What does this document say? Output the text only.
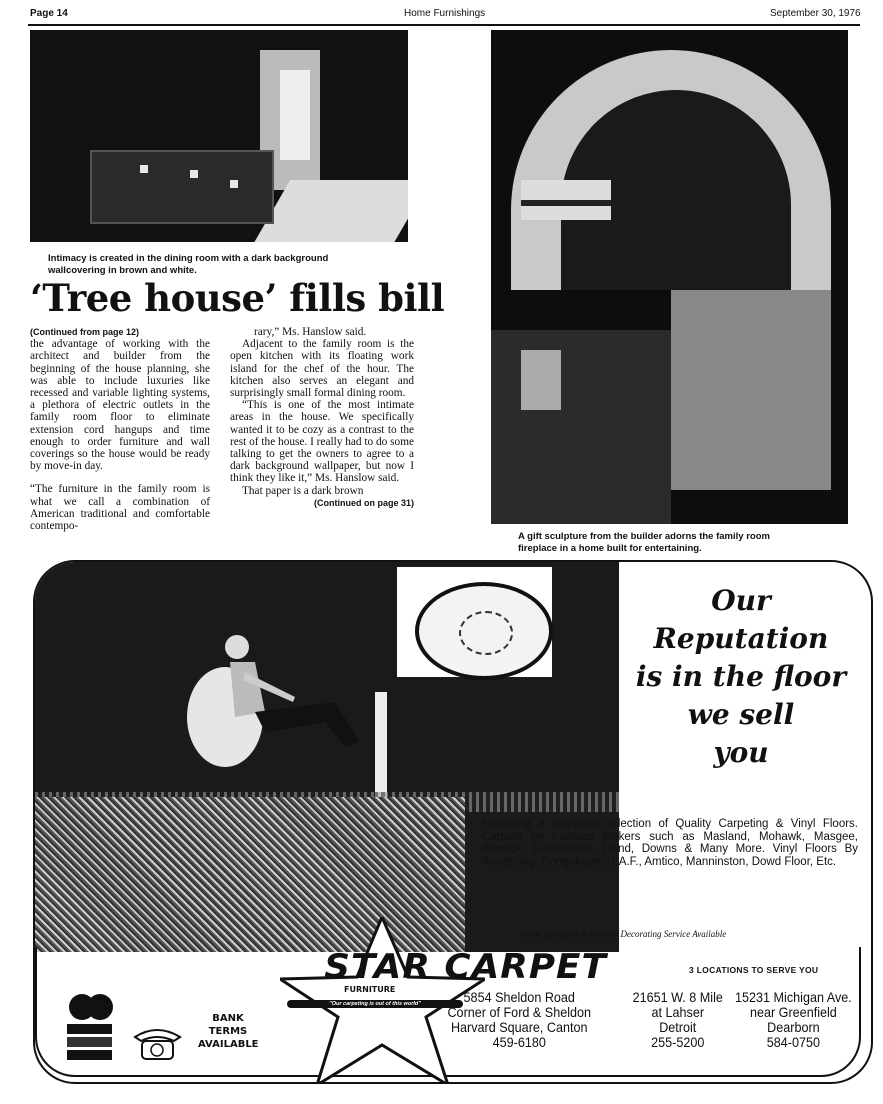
Page 14	Home Furnishings	September 30, 1976
Intimacy is created in the dining room with a dark background
wallcovering in brown and white.
‘Tree house’ fills bill
(Continued from page 12)

the advantage of working with the architect and builder from the beginning of the house planning, she was able to include luxuries like recessed and variable lighting systems, a plethora of electric outlets in the family room floor to eliminate extension cord hangups and time enough to order furniture and wall coverings so the house would be ready by move-in day.

“The furniture in the family room is what we call a combination of American traditional and comfortable contempo-

rary,” Ms. Hanslow said.

Adjacent to the family room is the open kitchen with its floating work island for the chef of the hour. The kitchen also serves an elegant and surprisingly small formal dining room.

“This is one of the most intimate areas in the house. We specifically wanted it to be cozy as a contrast to the rest of the house. I really had to do some talking to get the owners to agree to a dark background wallpaper, but now I think they like it,” Ms. Hanslow said.

That paper is a dark brown

(Continued on page 31)
A gift sculpture from the builder adorns the family room
fireplace in a home built for entertaining.
Our
Reputation
is in the floor
we sell
you
Featuring a complete selection of Quality Carpeting & Vinyl Floors. Carpets by Famous Makers such as Masland, Mohawk, Masgee, Barwick, Laurelerest, Trend, Downs & Many More. Vinyl Floors By Armstrong, Congoleum, G.A.F., Amtico, Manninston, Dowd Floor, Etc.
Home Estimates & Interior Decorating Service Available
STAR CARPET
FURNITURE
"Our carpeting is out of this world"
3 LOCATIONS TO SERVE YOU
5854 Sheldon Road
Corner of Ford & Sheldon
Harvard Square, Canton
459-6180
21651 W. 8 Mile
at Lahser
Detroit
255-5200
15231 Michigan Ave.
near Greenfield
Dearborn
584-0750
BANK
TERMS
AVAILABLE
